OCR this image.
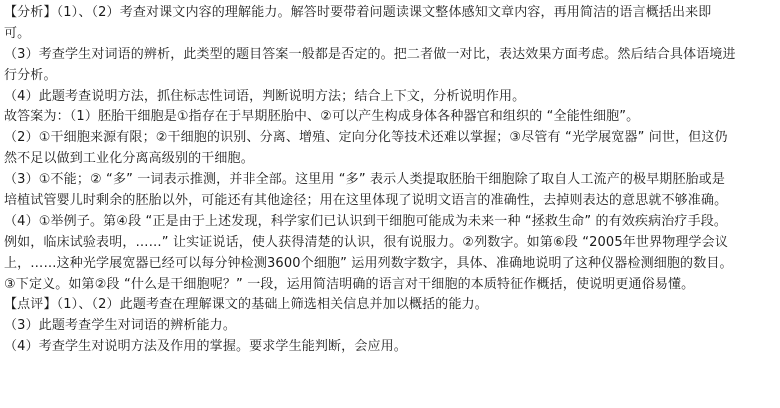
【分析】（1）、（2）考查对课文内容的理解能力。解答时要带着问题读课文整体感知文章内容，再用简洁的语言概括出来即
可。
（3）考查学生对词语的辨析，此类型的题目答案一般都是否定的。把二者做一对比，表达效果方面考虑。然后结合具体语境进
行分析。
（4）此题考查说明方法，抓住标志性词语，判断说明方法；结合上下文，分析说明作用。
故答案为：（1）胚胎干细胞是①指存在于早期胚胎中、②可以产生构成身体各种器官和组织的 “全能性细胞”。
（2）①干细胞来源有限；②干细胞的识别、分离、增殖、定向分化等技术还难以掌握；③尽管有 “光学展宽器” 问世，但这仍
然不足以做到工业化分离高级别的干细胞。
（3）①不能；② “多” 一词表示推测，并非全部。这里用 “多” 表示人类提取胚胎干细胞除了取自人工流产的极早期胚胎或是
培植试管婴儿时剩余的胚胎以外，可能还有其他途径；用在这里体现了说明文语言的准确性，去掉则表达的意思就不够准确。
（4）①举例子。第④段 “正是由于上述发现，科学家们已认识到干细胞可能成为未来一种 “拯救生命” 的有效疾病治疗手段。
例如，临床试验表明，……” 让实证说话，使人获得清楚的认识，很有说服力。②列数字。如第⑥段 “2005年世界物理学会议
上，……这种光学展宽器已经可以每分钟检测3600个细胞” 运用列数字数字，具体、准确地说明了这种仪器检测细胞的数目。
③下定义。如第②段 “什么是干细胞呢？” 一段，运用简洁明确的语言对干细胞的本质特征作概括，使说明更通俗易懂。
【点评】（1）、（2）此题考查在理解课文的基础上筛选相关信息并加以概括的能力。
（3）此题考查学生对词语的辨析能力。
（4）考查学生对说明方法及作用的掌握。要求学生能判断，会应用。
